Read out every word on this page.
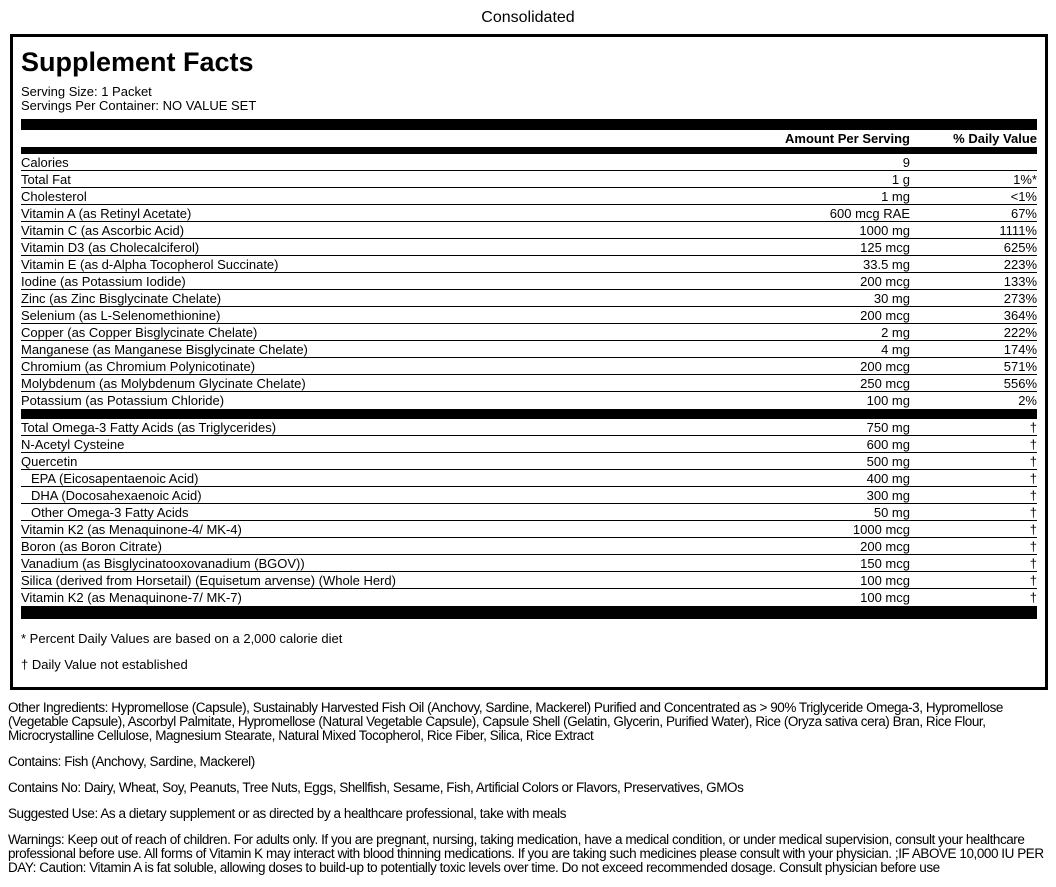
Consolidated
Supplement Facts
Serving Size: 1 Packet
Servings Per Container: NO VALUE SET
Amount Per Serving	% Daily Value
Calories	9
Total Fat	1 g	1%*
Cholesterol	1 mg	<1%
Vitamin A (as Retinyl Acetate)	600 mcg RAE	67%
Vitamin C (as Ascorbic Acid)	1000 mg	1111%
Vitamin D3 (as Cholecalciferol)	125 mcg	625%
Vitamin E (as d-Alpha Tocopherol Succinate)	33.5 mg	223%
Iodine (as Potassium Iodide)	200 mcg	133%
Zinc (as Zinc Bisglycinate Chelate)	30 mg	273%
Selenium (as L-Selenomethionine)	200 mcg	364%
Copper (as Copper Bisglycinate Chelate)	2 mg	222%
Manganese (as Manganese Bisglycinate Chelate)	4 mg	174%
Chromium (as Chromium Polynicotinate)	200 mcg	571%
Molybdenum (as Molybdenum Glycinate Chelate)	250 mcg	556%
Potassium (as Potassium Chloride)	100 mg	2%
Total Omega-3 Fatty Acids (as Triglycerides)	750 mg	†
N-Acetyl Cysteine	600 mg	†
Quercetin	500 mg	†
EPA (Eicosapentaenoic Acid)	400 mg	†
DHA (Docosahexaenoic Acid)	300 mg	†
Other Omega-3 Fatty Acids	50 mg	†
Vitamin K2 (as Menaquinone-4/ MK-4)	1000 mcg	†
Boron (as Boron Citrate)	200 mcg	†
Vanadium (as Bisglycinatooxovanadium (BGOV))	150 mcg	†
Silica (derived from Horsetail) (Equisetum arvense) (Whole Herd)	100 mcg	†
Vitamin K2 (as Menaquinone-7/ MK-7)	100 mcg	†
* Percent Daily Values are based on a 2,000 calorie diet
† Daily Value not established
Other Ingredients: Hypromellose (Capsule), Sustainably Harvested Fish Oil (Anchovy, Sardine, Mackerel) Purified and Concentrated as > 90% Triglyceride Omega-3, Hypromellose (Vegetable Capsule), Ascorbyl Palmitate, Hypromellose (Natural Vegetable Capsule), Capsule Shell (Gelatin, Glycerin, Purified Water), Rice (Oryza sativa cera) Bran, Rice Flour, Microcrystalline Cellulose, Magnesium Stearate, Natural Mixed Tocopherol, Rice Fiber, Silica, Rice Extract
Contains: Fish (Anchovy, Sardine, Mackerel)
Contains No: Dairy, Wheat, Soy, Peanuts, Tree Nuts, Eggs, Shellfish, Sesame, Fish, Artificial Colors or Flavors, Preservatives, GMOs
Suggested Use: As a dietary supplement or as directed by a healthcare professional, take with meals
Warnings: Keep out of reach of children. For adults only. If you are pregnant, nursing, taking medication, have a medical condition, or under medical supervision, consult your healthcare professional before use. All forms of Vitamin K may interact with blood thinning medications. If you are taking such medicines please consult with your physician. ;IF ABOVE 10,000 IU PER DAY: Caution: Vitamin A is fat soluble, allowing doses to build-up to potentially toxic levels over time. Do not exceed recommended dosage. Consult physician before use
